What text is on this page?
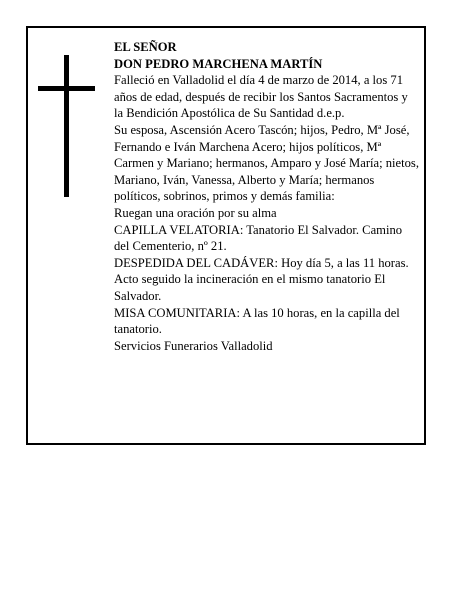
EL SEÑOR

DON PEDRO MARCHENA MARTÍN

Falleció en Valladolid el día 4 de marzo de 2014, a los 71 años de edad, después de recibir los Santos Sacramentos y la Bendición Apostólica de Su Santidad d.e.p.

Su esposa, Ascensión Acero Tascón; hijos, Pedro, Mª José, Fernando e Iván Marchena Acero; hijos políticos, Mª Carmen y Mariano; hermanos, Amparo y José María; nietos, Mariano, Iván, Vanessa, Alberto y María; hermanos políticos, sobrinos, primos y demás familia:

Ruegan una oración por su alma

CAPILLA VELATORIA: Tanatorio El Salvador. Camino del Cementerio, nº 21.

DESPEDIDA DEL CADÁVER: Hoy día 5, a las 11 horas. Acto seguido la incineración en el mismo tanatorio El Salvador.

MISA COMUNITARIA: A las 10 horas, en la capilla del tanatorio.

Servicios Funerarios Valladolid
